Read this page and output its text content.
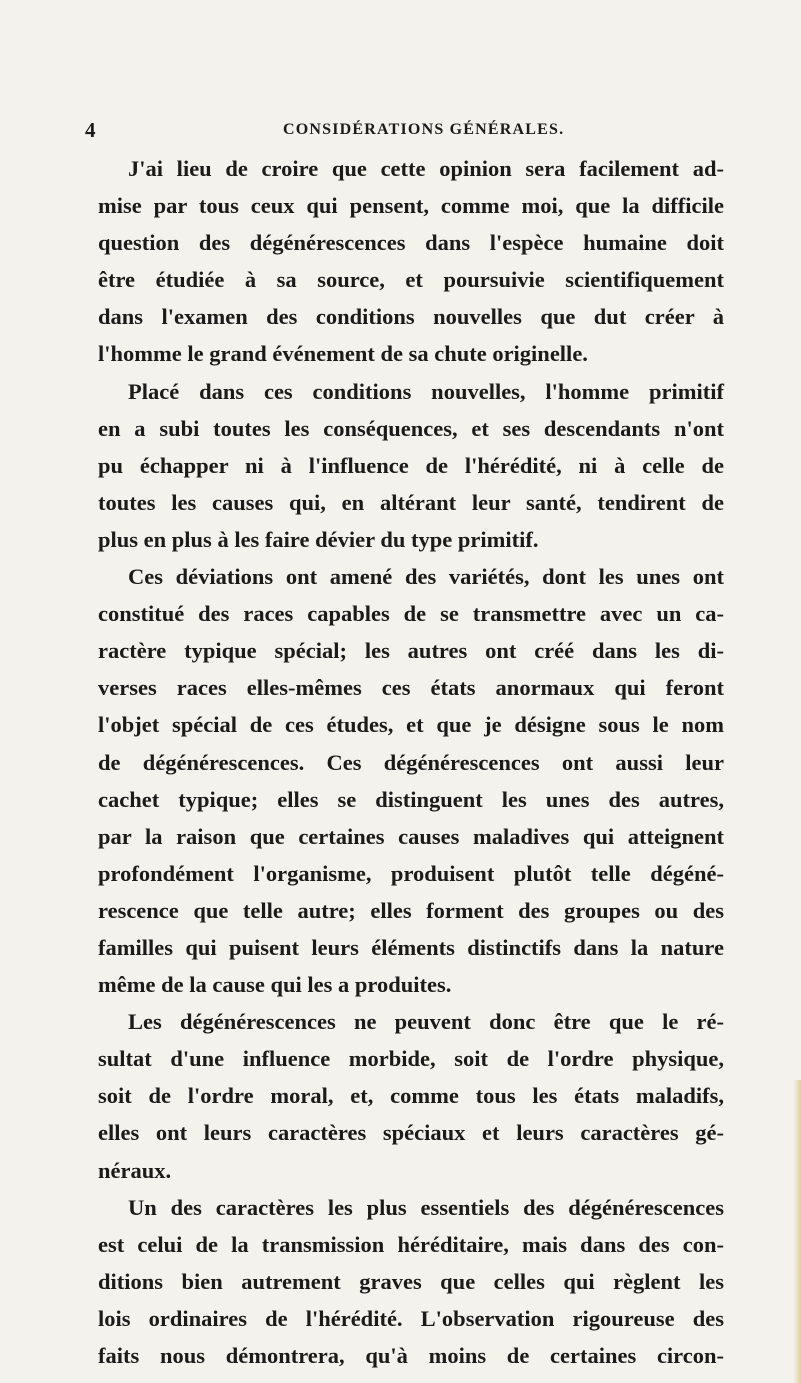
4	CONSIDÉRATIONS GÉNÉRALES.
J'ai lieu de croire que cette opinion sera facilement ad-
mise par tous ceux qui pensent, comme moi, que la difficile
question des dégénérescences dans l'espèce humaine doit
être étudiée à sa source, et poursuivie scientifiquement
dans l'examen des conditions nouvelles que dut créer à
l'homme le grand événement de sa chute originelle.
Placé dans ces conditions nouvelles, l'homme primitif
en a subi toutes les conséquences, et ses descendants n'ont
pu échapper ni à l'influence de l'hérédité, ni à celle de
toutes les causes qui, en altérant leur santé, tendirent de
plus en plus à les faire dévier du type primitif.
Ces déviations ont amené des variétés, dont les unes ont
constitué des races capables de se transmettre avec un ca-
ractère typique spécial; les autres ont créé dans les di-
verses races elles-mêmes ces états anormaux qui feront
l'objet spécial de ces études, et que je désigne sous le nom
de dégénérescences. Ces dégénérescences ont aussi leur
cachet typique; elles se distinguent les unes des autres,
par la raison que certaines causes maladives qui atteignent
profondément l'organisme, produisent plutôt telle dégéné-
rescence que telle autre; elles forment des groupes ou des
familles qui puisent leurs éléments distinctifs dans la nature
même de la cause qui les a produites.
Les dégénérescences ne peuvent donc être que le ré-
sultat d'une influence morbide, soit de l'ordre physique,
soit de l'ordre moral, et, comme tous les états maladifs,
elles ont leurs caractères spéciaux et leurs caractères gé-
néraux.
Un des caractères les plus essentiels des dégénérescences
est celui de la transmission héréditaire, mais dans des con-
ditions bien autrement graves que celles qui règlent les
lois ordinaires de l'hérédité. L'observation rigoureuse des
faits nous démontrera, qu'à moins de certaines circon-
